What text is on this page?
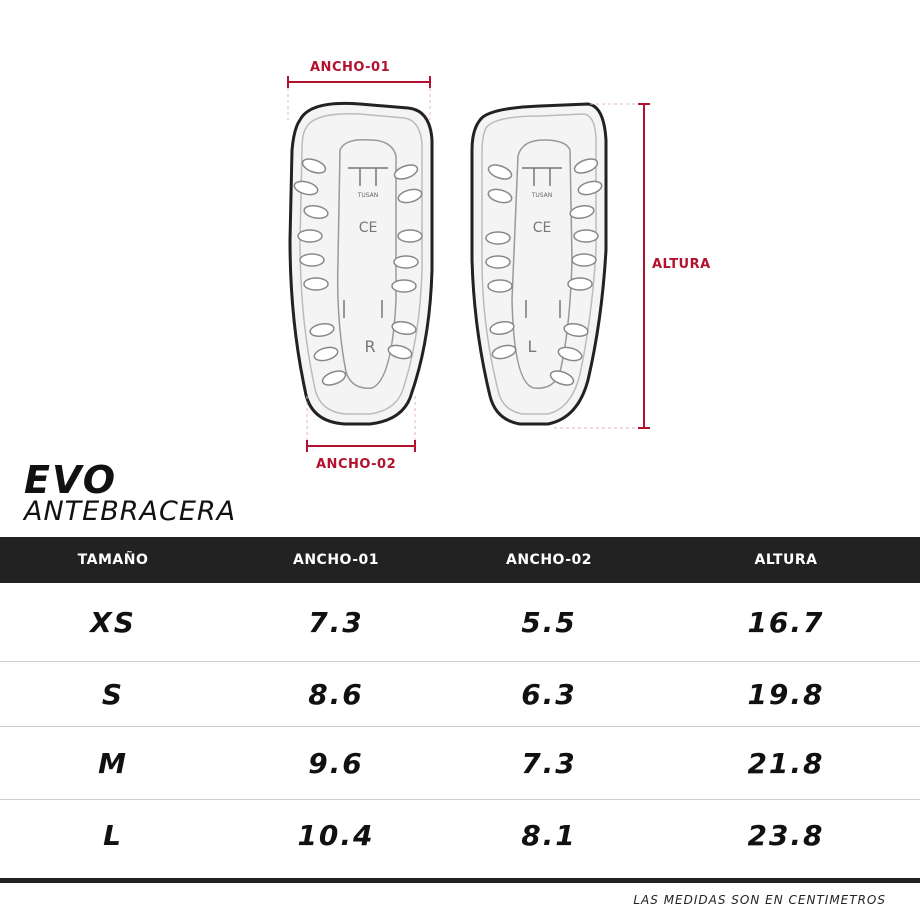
TUSAN
CE
R
TUSAN
CE
L
ANCHO-01
ANCHO-02
ALTURA
EVO
ANTEBRACERA
TAMAÑO	ANCHO-01	ANCHO-02	ALTURA
XS	7.3	5.5	16.7
S	8.6	6.3	19.8
M	9.6	7.3	21.8
L	10.4	8.1	23.8
LAS MEDIDAS SON EN CENTIMETROS
